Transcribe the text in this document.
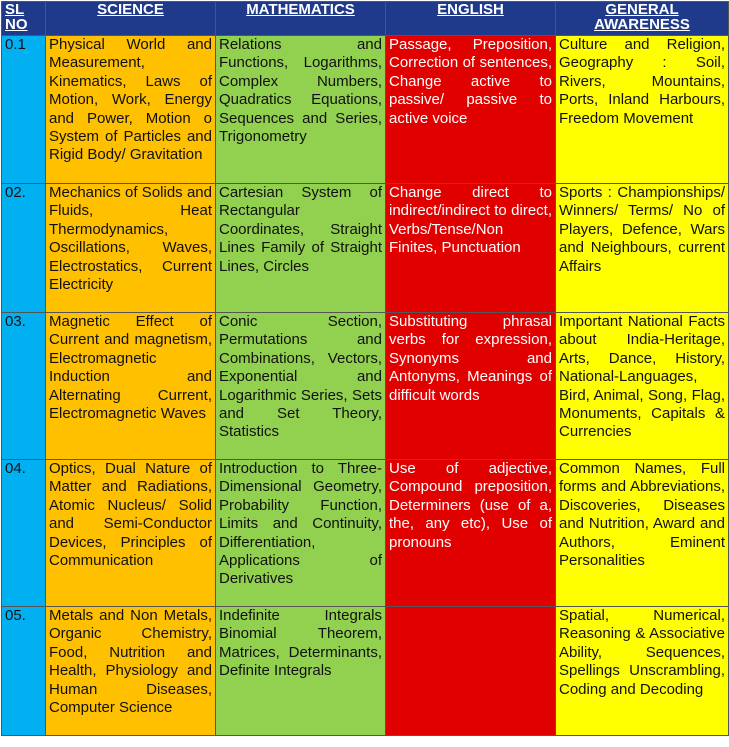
SL NO	SCIENCE	MATHEMATICS	ENGLISH	GENERAL AWARENESS
0.1	Physical World and Measurement, Kinematics, Laws of Motion, Work, Energy and Power, Motion o System of Particles and Rigid Body/ Gravitation	Relations and Functions, Logarithms, Complex Numbers, Quadratics Equations, Sequences and Series, Trigonometry	Passage, Preposition, Correction of sentences, Change active to passive/ passive to active voice	Culture and Religion, Geography : Soil, Rivers, Mountains, Ports, Inland Harbours, Freedom Movement
02.	Mechanics of Solids and Fluids, Heat Thermodynamics, Oscillations, Waves, Electrostatics, Current Electricity	Cartesian System of Rectangular Coordinates, Straight Lines Family of Straight Lines, Circles	Change direct to indirect/indirect to direct, Verbs/Tense/Non Finites, Punctuation	Sports : Championships/ Winners/ Terms/ No of Players, Defence, Wars and Neighbours, current Affairs
03.	Magnetic Effect of Current and magnetism, Electromagnetic Induction and Alternating Current, Electromagnetic Waves	Conic Section, Permutations and Combinations, Vectors, Exponential and Logarithmic Series, Sets and Set Theory, Statistics	Substituting phrasal verbs for expression, Synonyms and Antonyms, Meanings of difficult words	Important National Facts about India-Heritage, Arts, Dance, History, National-Languages, Bird, Animal, Song, Flag, Monuments, Capitals & Currencies
04.	Optics, Dual Nature of Matter and Radiations, Atomic Nucleus/ Solid and Semi-Conductor Devices, Principles of Communication	Introduction to Three-Dimensional Geometry, Probability Function, Limits and Continuity, Differentiation, Applications of Derivatives	Use of adjective, Compound preposition, Determiners (use of a, the, any etc), Use of pronouns	Common Names, Full forms and Abbreviations, Discoveries, Diseases and Nutrition, Award and Authors, Eminent Personalities
05.	Metals and Non Metals, Organic Chemistry, Food, Nutrition and Health, Physiology and Human Diseases, Computer Science	Indefinite Integrals Binomial Theorem, Matrices, Determinants, Definite Integrals		Spatial, Numerical, Reasoning & Associative Ability, Sequences, Spellings Unscrambling, Coding and Decoding
